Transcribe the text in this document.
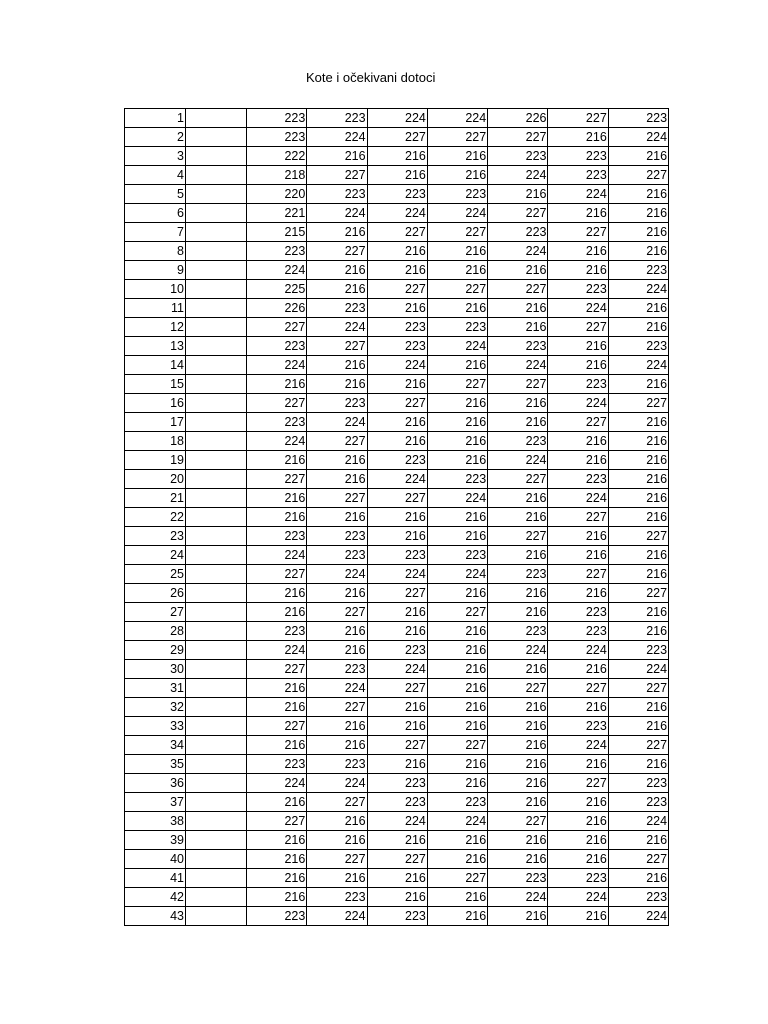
Kote i očekivani dotoci
1		223	223	224	224	226	227	223
2		223	224	227	227	227	216	224
3		222	216	216	216	223	223	216
4		218	227	216	216	224	223	227
5		220	223	223	223	216	224	216
6		221	224	224	224	227	216	216
7		215	216	227	227	223	227	216
8		223	227	216	216	224	216	216
9		224	216	216	216	216	216	223
10		225	216	227	227	227	223	224
11		226	223	216	216	216	224	216
12		227	224	223	223	216	227	216
13		223	227	223	224	223	216	223
14		224	216	224	216	224	216	224
15		216	216	216	227	227	223	216
16		227	223	227	216	216	224	227
17		223	224	216	216	216	227	216
18		224	227	216	216	223	216	216
19		216	216	223	216	224	216	216
20		227	216	224	223	227	223	216
21		216	227	227	224	216	224	216
22		216	216	216	216	216	227	216
23		223	223	216	216	227	216	227
24		224	223	223	223	216	216	216
25		227	224	224	224	223	227	216
26		216	216	227	216	216	216	227
27		216	227	216	227	216	223	216
28		223	216	216	216	223	223	216
29		224	216	223	216	224	224	223
30		227	223	224	216	216	216	224
31		216	224	227	216	227	227	227
32		216	227	216	216	216	216	216
33		227	216	216	216	216	223	216
34		216	216	227	227	216	224	227
35		223	223	216	216	216	216	216
36		224	224	223	216	216	227	223
37		216	227	223	223	216	216	223
38		227	216	224	224	227	216	224
39		216	216	216	216	216	216	216
40		216	227	227	216	216	216	227
41		216	216	216	227	223	223	216
42		216	223	216	216	224	224	223
43		223	224	223	216	216	216	224
